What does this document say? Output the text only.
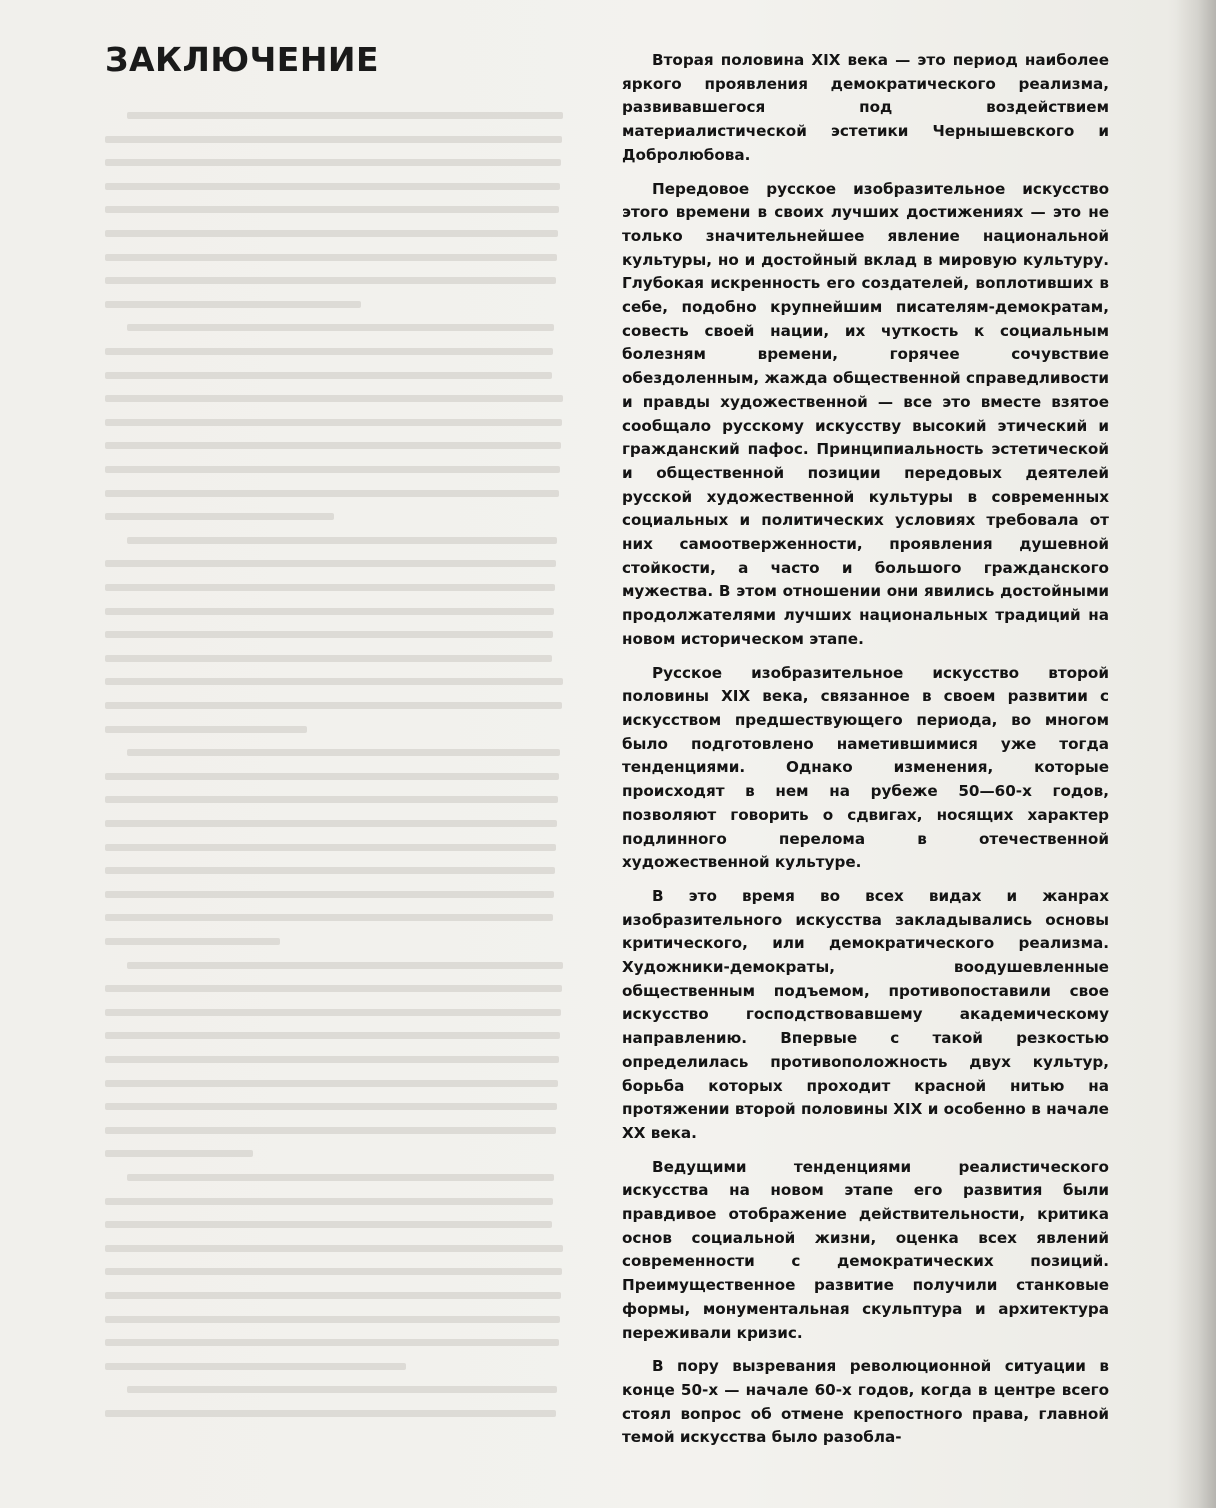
ЗАКЛЮЧЕНИЕ	Вторая половина XIX века — это период наиболее яркого проявления демократического реализма, развивавшегося под воздействием материалистической эстетики Чернышевского и Добролюбова.

Передовое русское изобразительное искусство этого времени в своих лучших достижениях — это не только значительнейшее явление национальной культуры, но и достойный вклад в мировую культуру. Глубокая искренность его создателей, воплотивших в себе, подобно крупнейшим писателям-демократам, совесть своей нации, их чуткость к социальным болезням времени, горячее сочувствие обездоленным, жажда общественной справедливости и правды художественной — все это вместе взятое сообщало русскому искусству высокий этический и гражданский пафос. Принципиальность эстетической и общественной позиции передовых деятелей русской художественной культуры в современных социальных и политических условиях требовала от них самоотверженности, проявления душевной стойкости, а часто и большого гражданского мужества. В этом отношении они явились достойными продолжателями лучших национальных традиций на новом историческом этапе.

Русское изобразительное искусство второй половины XIX века, связанное в своем развитии с искусством предшествующего периода, во многом было подготовлено наметившимися уже тогда тенденциями. Однако изменения, которые происходят в нем на рубеже 50—60-х годов, позволяют говорить о сдвигах, носящих характер подлинного перелома в отечественной художественной культуре.

В это время во всех видах и жанрах изобразительного искусства закладывались основы критического, или демократического реализма. Художники-демократы, воодушевленные общественным подъемом, противопоставили свое искусство господствовавшему академическому направлению. Впервые с такой резкостью определилась противоположность двух культур, борьба которых проходит красной нитью на протяжении второй половины XIX и особенно в начале XX века.

Ведущими тенденциями реалистического искусства на новом этапе его развития были правдивое отображение действительности, критика основ социальной жизни, оценка всех явлений современности с демократических позиций. Преимущественное развитие получили станковые формы, монументальная скульптура и архитектура переживали кризис.

В пору вызревания революционной ситуации в конце 50-х — начале 60-х годов, когда в центре всего стоял вопрос об отмене крепостного права, главной темой искусства было разобла-
